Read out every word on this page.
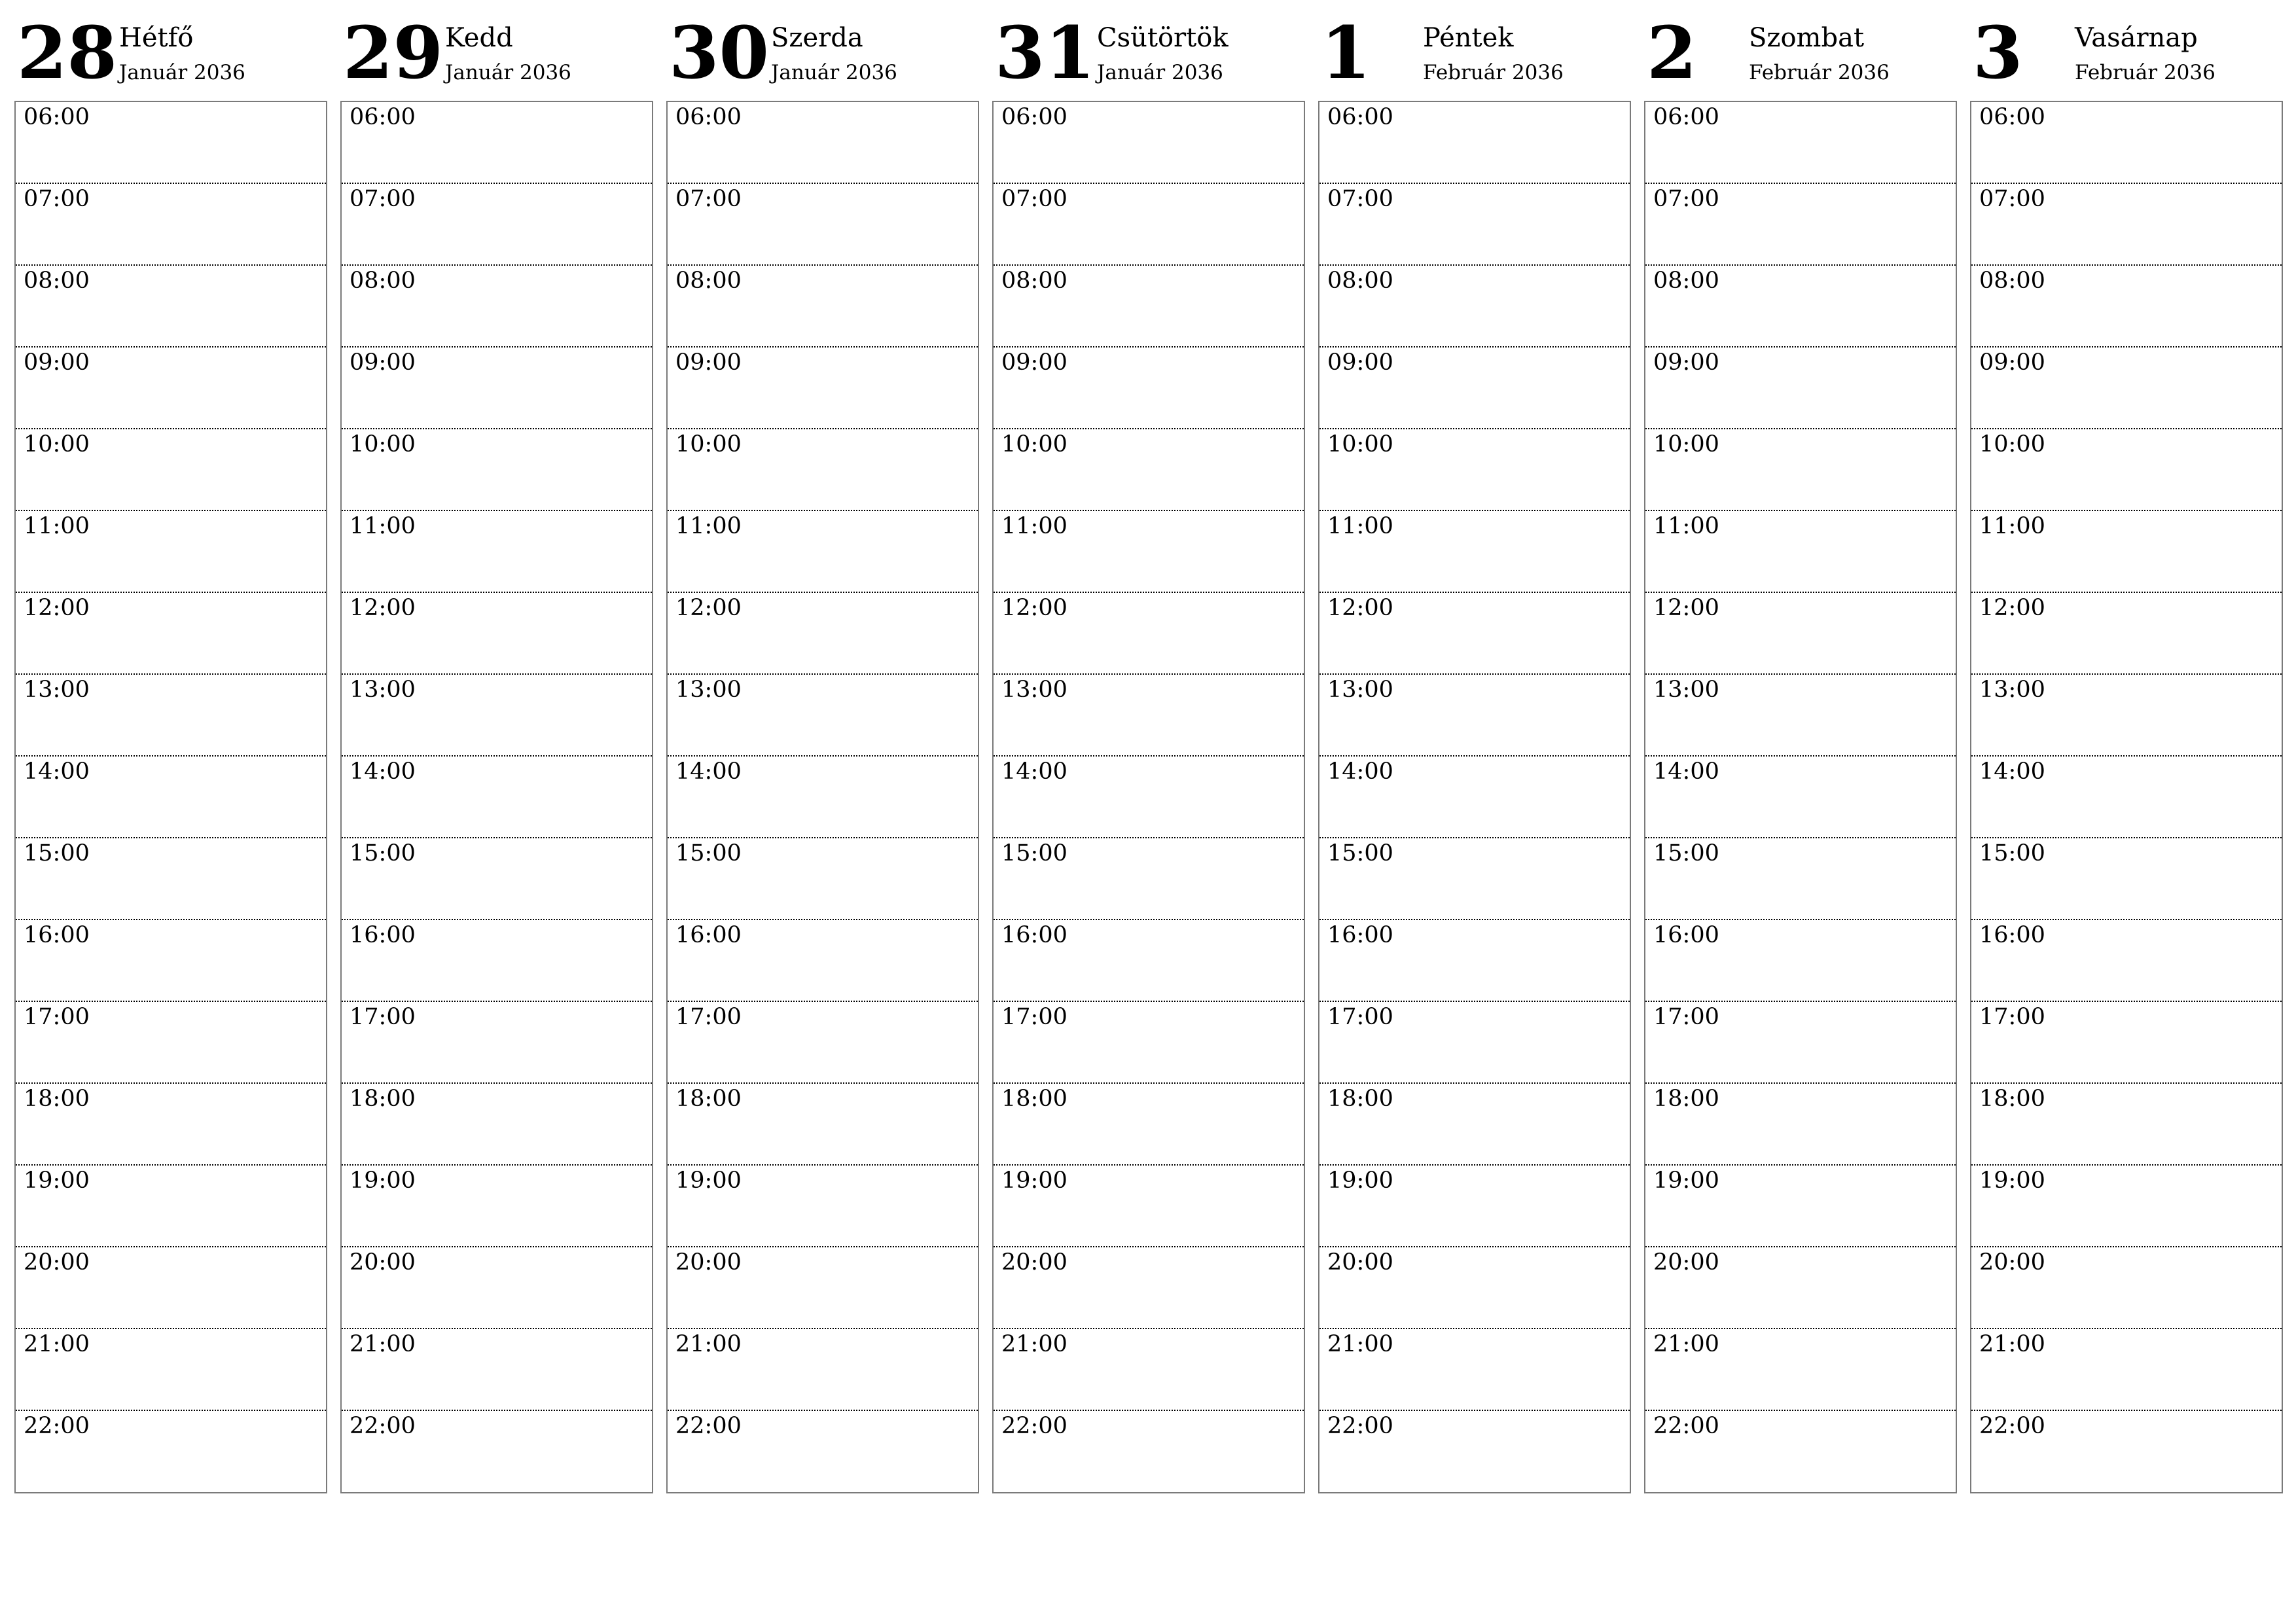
28 Hétfő
Január 2036
06:00
07:00
08:00
09:00
10:00
11:00
12:00
13:00
14:00
15:00
16:00
17:00
18:00
19:00
20:00
21:00
22:00
29 Kedd
Január 2036
06:00
07:00
08:00
09:00
10:00
11:00
12:00
13:00
14:00
15:00
16:00
17:00
18:00
19:00
20:00
21:00
22:00
30 Szerda
Január 2036
06:00
07:00
08:00
09:00
10:00
11:00
12:00
13:00
14:00
15:00
16:00
17:00
18:00
19:00
20:00
21:00
22:00
31 Csütörtök
Január 2036
06:00
07:00
08:00
09:00
10:00
11:00
12:00
13:00
14:00
15:00
16:00
17:00
18:00
19:00
20:00
21:00
22:00
1 Péntek
Február 2036
06:00
07:00
08:00
09:00
10:00
11:00
12:00
13:00
14:00
15:00
16:00
17:00
18:00
19:00
20:00
21:00
22:00
2 Szombat
Február 2036
06:00
07:00
08:00
09:00
10:00
11:00
12:00
13:00
14:00
15:00
16:00
17:00
18:00
19:00
20:00
21:00
22:00
3 Vasárnap
Február 2036
06:00
07:00
08:00
09:00
10:00
11:00
12:00
13:00
14:00
15:00
16:00
17:00
18:00
19:00
20:00
21:00
22:00
